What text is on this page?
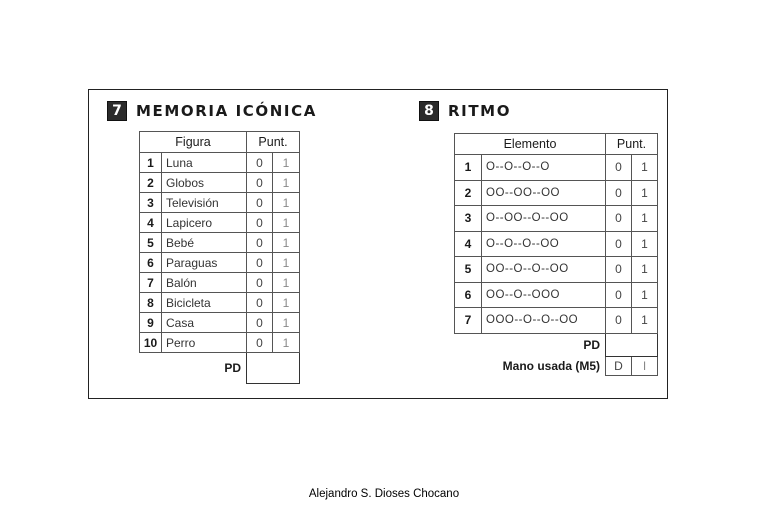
7 MEMORIA ICÓNICA
Figura		Punt.	
1	Luna	0	1
2	Globos	0	1
3	Televisión	0	1
4	Lapicero	0	1
5	Bebé	0	1
6	Paraguas	0	1
7	Balón	0	1
8	Bicicleta	0	1
9	Casa	0	1
10	Perro	0	1
PD			
8 RITMO
Elemento		Punt.	
1	O--O--O--O	0	1
2	OO--OO--OO	0	1
3	O--OO--O--OO	0	1
4	O--O--O--OO	0	1
5	OO--O--O--OO	0	1
6	OO--O--OOO	0	1
7	OOO--O--O--OO	0	1
PD			
Mano usada (M5)		D	I
Alejandro S. Dioses Chocano
